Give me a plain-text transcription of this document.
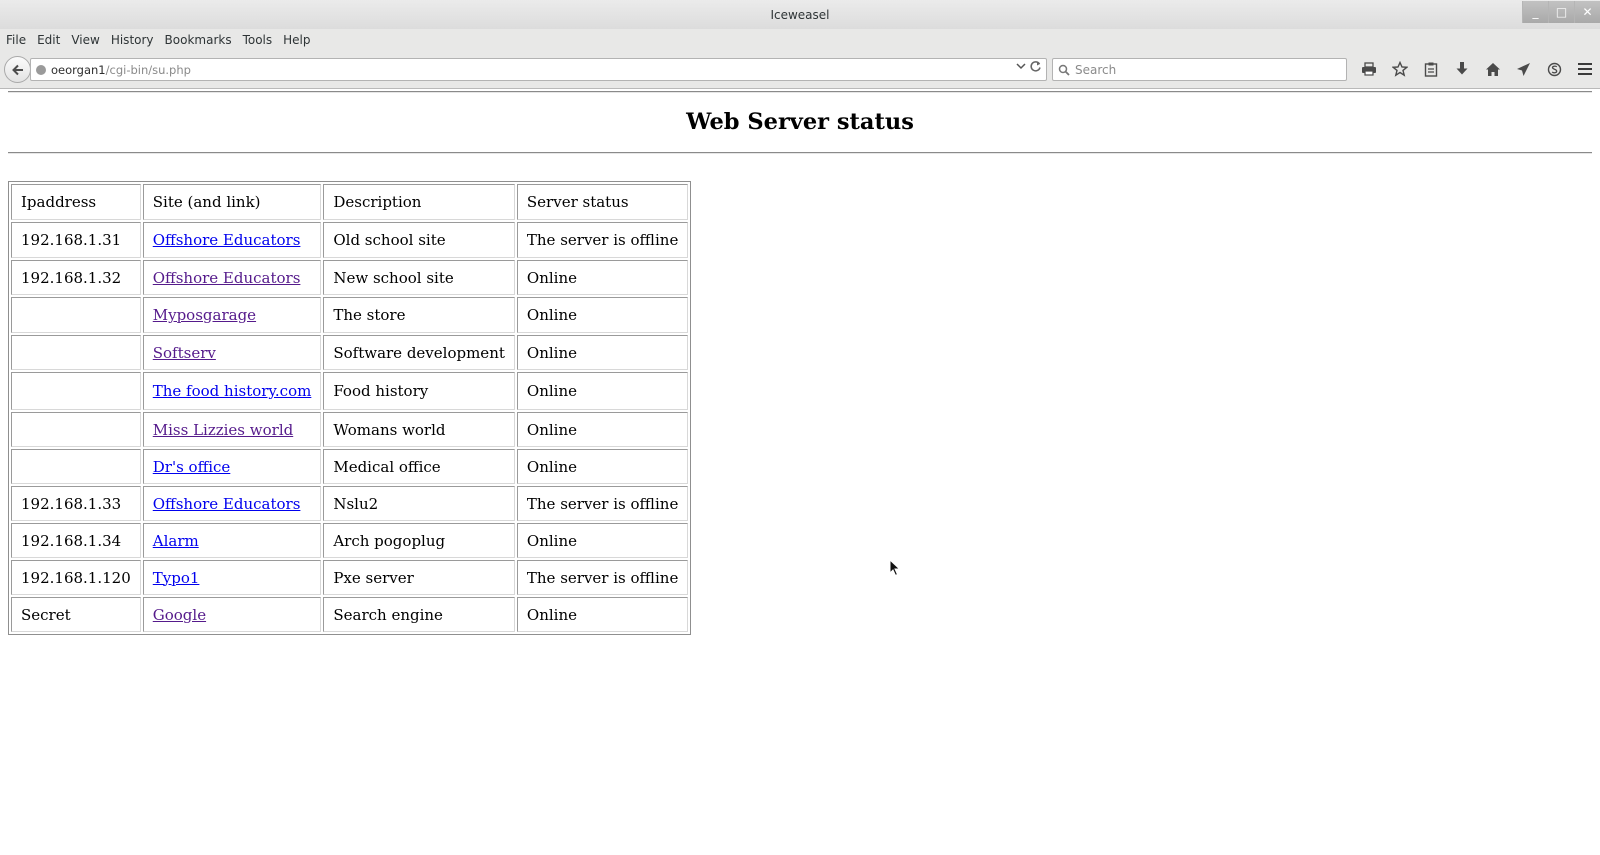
Iceweasel	_	□	✕
File Edit View History Bookmarks Tools Help
oeorgan1 /cgi-bin/su.php
Search
Web Server status
Ipaddress	Site (and link)	Description	Server status
192.168.1.31	Offshore Educators	Old school site	The server is offline
192.168.1.32	Offshore Educators	New school site	Online
	Myposgarage	The store	Online
	Softserv	Software development	Online
	The food history.com	Food history	Online
	Miss Lizzies world	Womans world	Online
	Dr's office	Medical office	Online
192.168.1.33	Offshore Educators	Nslu2	The server is offline
192.168.1.34	Alarm	Arch pogoplug	Online
192.168.1.120	Typo1	Pxe server	The server is offline
Secret	Google	Search engine	Online
